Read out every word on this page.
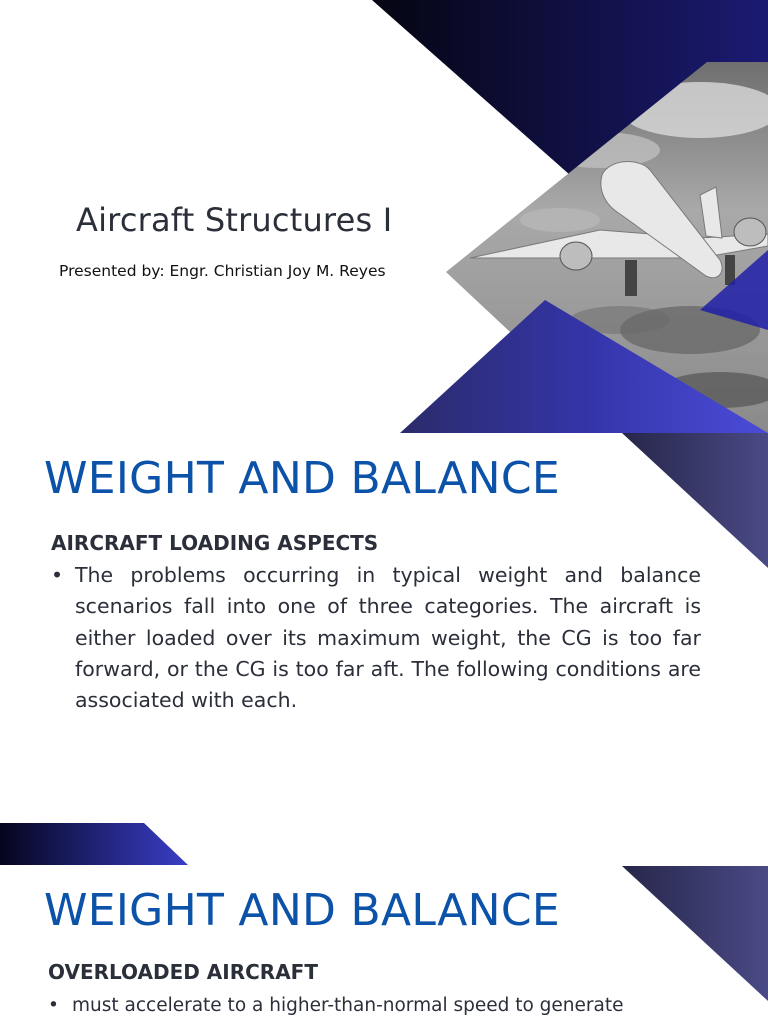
Aircraft Structures I

Presented by: Engr. Christian Joy M. Reyes

WEIGHT AND BALANCE
AIRCRAFT LOADING ASPECTS
• The problems occurring in typical weight and balance scenarios fall into one of three categories. The aircraft is either loaded over its maximum weight, the CG is too far forward, or the CG is too far aft. The following conditions are associated with each.
WEIGHT AND BALANCE
OVERLOADED AIRCRAFT
• must accelerate to a higher-than-normal speed to generate
